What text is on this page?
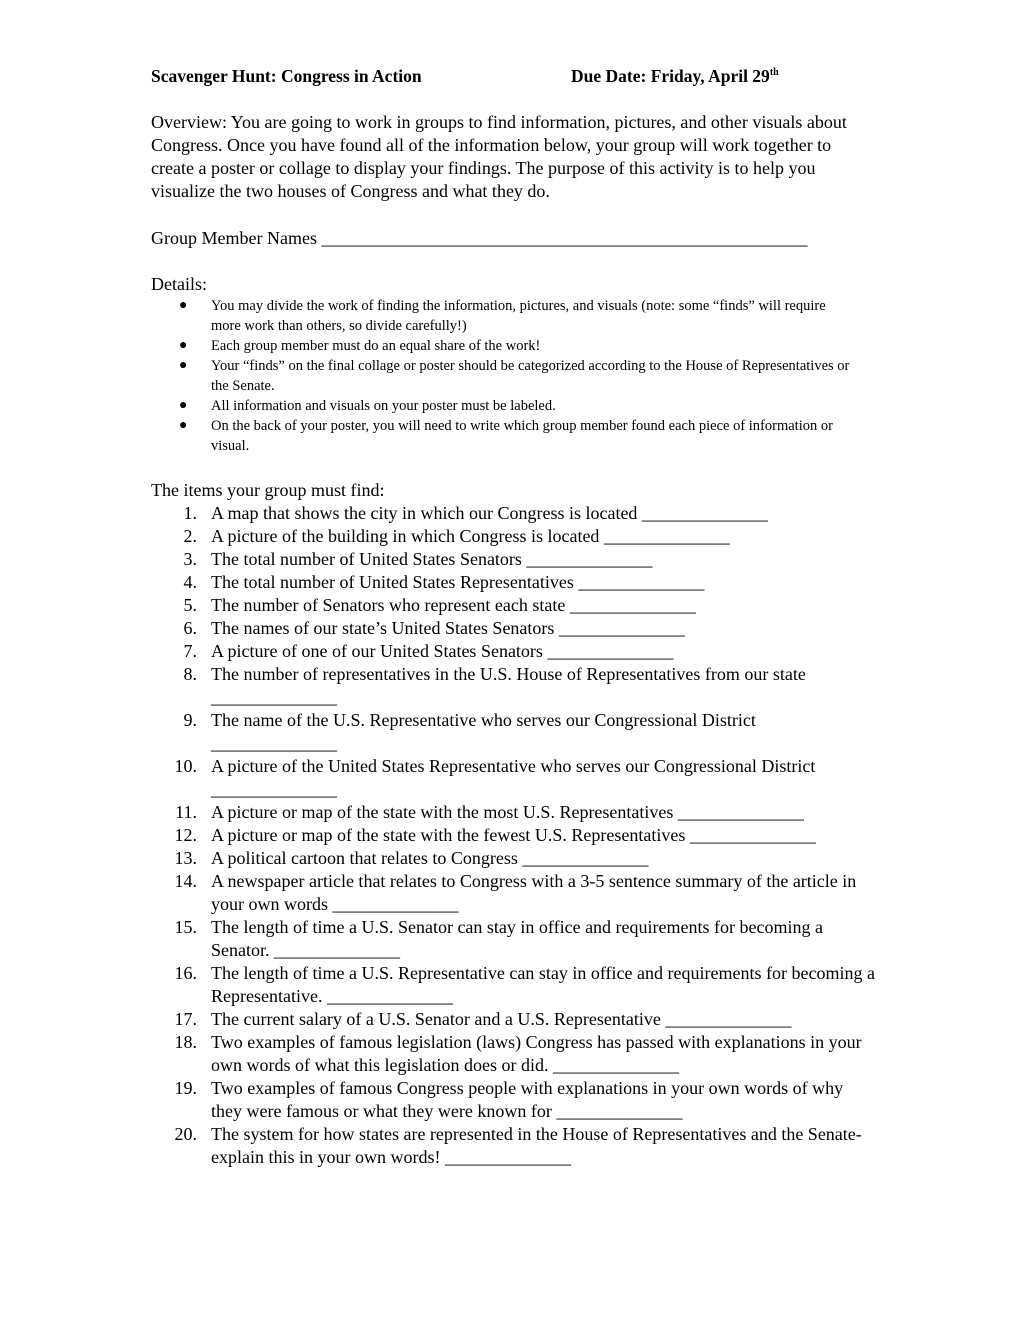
Scavenger Hunt: Congress in Action	Due Date: Friday, April 29th
Overview: You are going to work in groups to find information, pictures, and other visuals about Congress. Once you have found all of the information below, your group will work together to create a poster or collage to display your findings. The purpose of this activity is to help you visualize the two houses of Congress and what they do.
Group Member Names ______________________________________________________
Details:
● You may divide the work of finding the information, pictures, and visuals (note: some “finds” will require more work than others, so divide carefully!)
● Each group member must do an equal share of the work!
● Your “finds” on the final collage or poster should be categorized according to the House of Representatives or the Senate.
● All information and visuals on your poster must be labeled.
● On the back of your poster, you will need to write which group member found each piece of information or visual.
The items your group must find:
1. A map that shows the city in which our Congress is located ______________
2. A picture of the building in which Congress is located ______________
3. The total number of United States Senators ______________
4. The total number of United States Representatives ______________
5. The number of Senators who represent each state ______________
6. The names of our state’s United States Senators ______________
7. A picture of one of our United States Senators ______________
8. The number of representatives in the U.S. House of Representatives from our state ______________
9. The name of the U.S. Representative who serves our Congressional District ______________
10. A picture of the United States Representative who serves our Congressional District ______________
11. A picture or map of the state with the most U.S. Representatives ______________
12. A picture or map of the state with the fewest U.S. Representatives ______________
13. A political cartoon that relates to Congress ______________
14. A newspaper article that relates to Congress with a 3-5 sentence summary of the article in your own words ______________
15. The length of time a U.S. Senator can stay in office and requirements for becoming a Senator. ______________
16. The length of time a U.S. Representative can stay in office and requirements for becoming a Representative. ______________
17. The current salary of a U.S. Senator and a U.S. Representative ______________
18. Two examples of famous legislation (laws) Congress has passed with explanations in your own words of what this legislation does or did. ______________
19. Two examples of famous Congress people with explanations in your own words of why they were famous or what they were known for ______________
20. The system for how states are represented in the House of Representatives and the Senate-explain this in your own words! ______________
